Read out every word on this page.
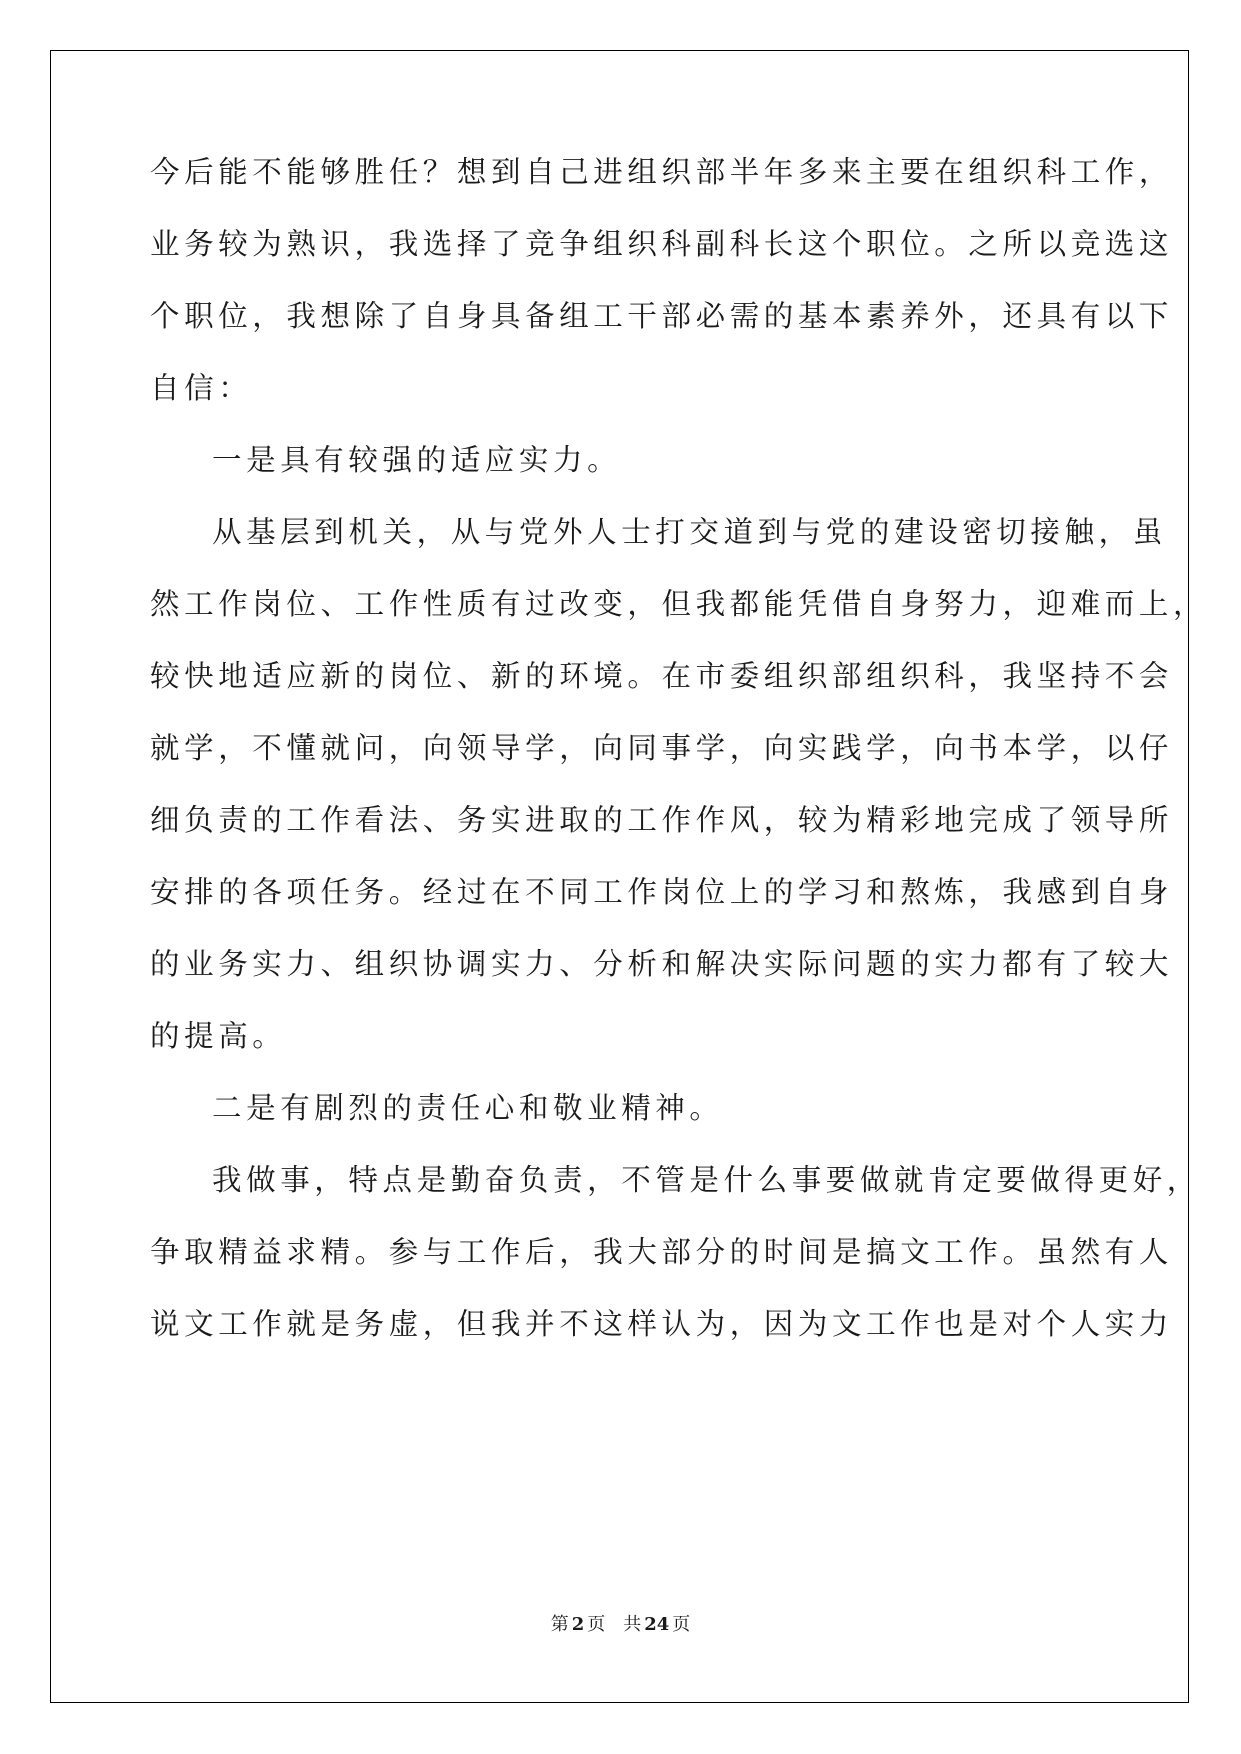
今后能不能够胜任？想到自己进组织部半年多来主要在组织科工作，
业务较为熟识，我选择了竞争组织科副科长这个职位。之所以竞选这
个职位，我想除了自身具备组工干部必需的基本素养外，还具有以下
自信：
一是具有较强的适应实力。
从基层到机关，从与党外人士打交道到与党的建设密切接触，虽
然工作岗位、工作性质有过改变，但我都能凭借自身努力，迎难而上，
较快地适应新的岗位、新的环境。在市委组织部组织科，我坚持不会
就学，不懂就问，向领导学，向同事学，向实践学，向书本学，以仔
细负责的工作看法、务实进取的工作作风，较为精彩地完成了领导所
安排的各项任务。经过在不同工作岗位上的学习和熬炼，我感到自身
的业务实力、组织协调实力、分析和解决实际问题的实力都有了较大
的提高。
二是有剧烈的责任心和敬业精神。
我做事，特点是勤奋负责，不管是什么事要做就肯定要做得更好，
争取精益求精。参与工作后，我大部分的时间是搞文工作。虽然有人
说文工作就是务虚，但我并不这样认为，因为文工作也是对个人实力
第 2 页 共 24 页
